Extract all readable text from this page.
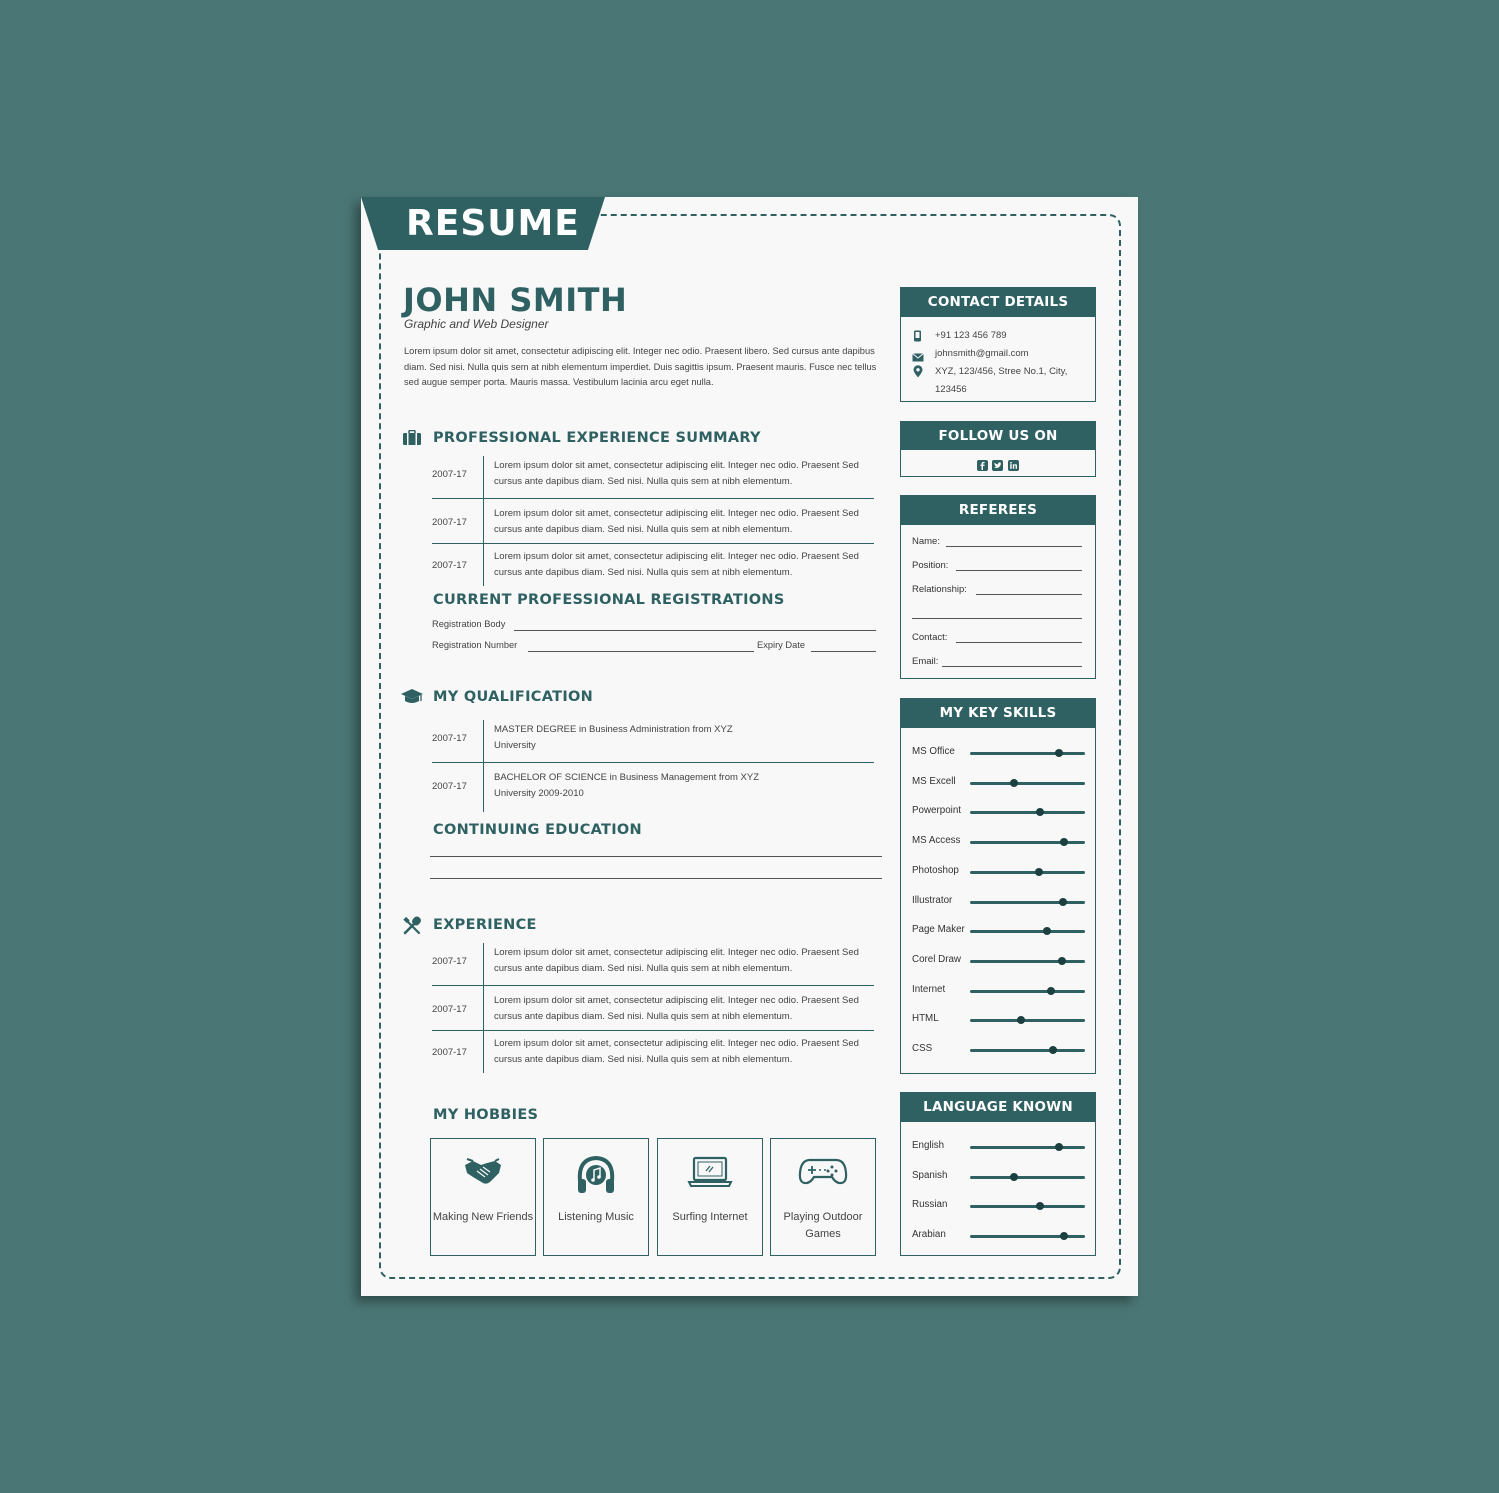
RESUME
JOHN SMITH
Graphic and Web Designer
Lorem ipsum dolor sit amet, consectetur adipiscing elit. Integer nec odio. Praesent libero. Sed cursus ante dapibus diam. Sed nisi. Nulla quis sem at nibh elementum imperdiet. Duis sagittis ipsum. Praesent mauris. Fusce nec tellus sed augue semper porta. Mauris massa. Vestibulum lacinia arcu eget nulla.
PROFESSIONAL EXPERIENCE SUMMARY
2007-17
Lorem ipsum dolor sit amet, consectetur adipiscing elit. Integer nec odio. Praesent Sed cursus ante dapibus diam. Sed nisi. Nulla quis sem at nibh elementum.
2007-17
Lorem ipsum dolor sit amet, consectetur adipiscing elit. Integer nec odio. Praesent Sed cursus ante dapibus diam. Sed nisi. Nulla quis sem at nibh elementum.
2007-17
Lorem ipsum dolor sit amet, consectetur adipiscing elit. Integer nec odio. Praesent Sed cursus ante dapibus diam. Sed nisi. Nulla quis sem at nibh elementum.
CURRENT PROFESSIONAL REGISTRATIONS
Registration Body
Registration Number	Expiry Date
MY QUALIFICATION
2007-17
MASTER DEGREE in Business Administration from XYZ University
2007-17
BACHELOR OF SCIENCE in Business Management from XYZ University 2009-2010
CONTINUING EDUCATION
EXPERIENCE
2007-17
Lorem ipsum dolor sit amet, consectetur adipiscing elit. Integer nec odio. Praesent Sed cursus ante dapibus diam. Sed nisi. Nulla quis sem at nibh elementum.
2007-17
Lorem ipsum dolor sit amet, consectetur adipiscing elit. Integer nec odio. Praesent Sed cursus ante dapibus diam. Sed nisi. Nulla quis sem at nibh elementum.
2007-17
Lorem ipsum dolor sit amet, consectetur adipiscing elit. Integer nec odio. Praesent Sed cursus ante dapibus diam. Sed nisi. Nulla quis sem at nibh elementum.
MY HOBBIES
Making New Friends	Listening Music	Surfing Internet	Playing Outdoor Games
CONTACT DETAILS
+91 123 456 789
johnsmith@gmail.com
XYZ, 123/456, Stree No.1, City,
123456
FOLLOW US ON
REFEREES
Name:
Position:
Relationship:
Contact:
Email:
MY KEY SKILLS
MS Office
MS Excell
Powerpoint
MS Access
Photoshop
Illustrator
Page Maker
Corel Draw
Internet
HTML
CSS
LANGUAGE KNOWN
English
Spanish
Russian
Arabian
